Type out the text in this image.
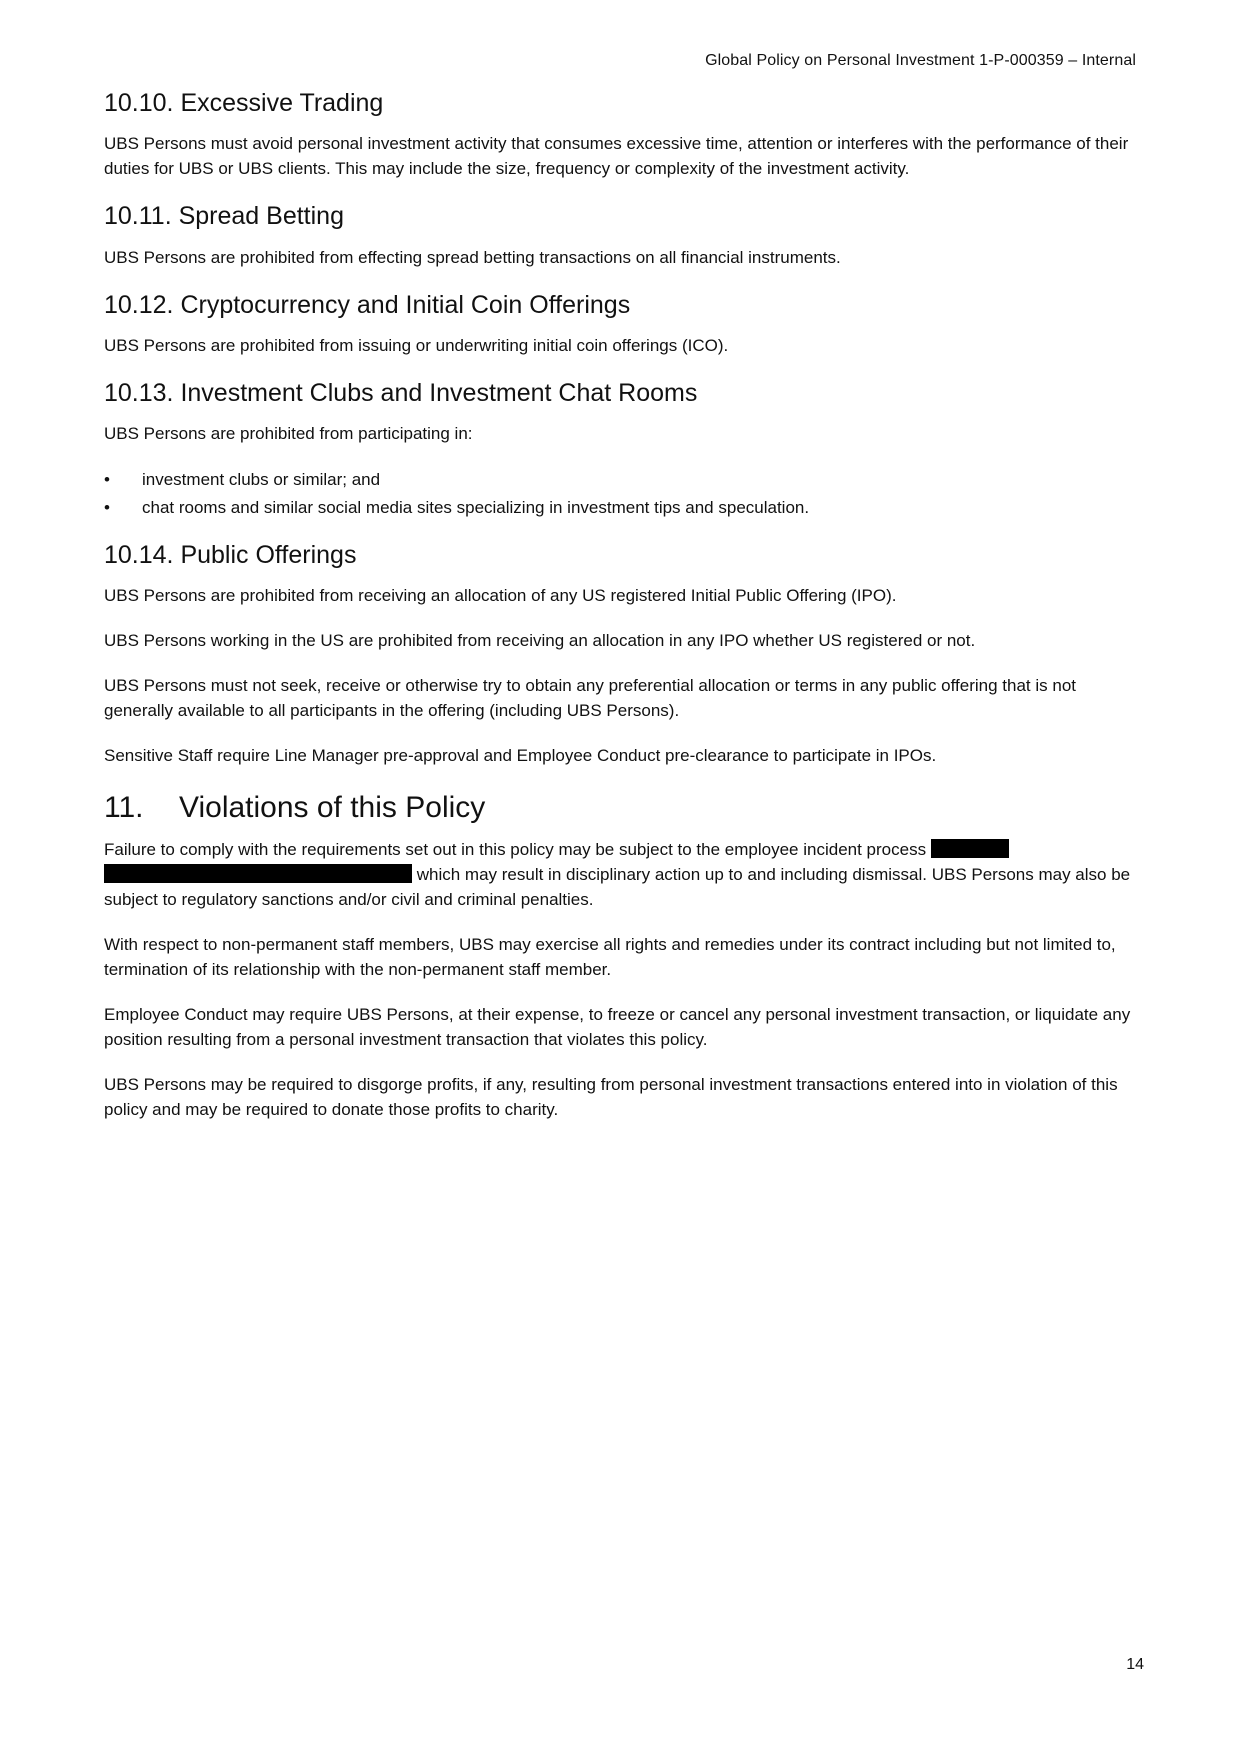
Global Policy on Personal Investment 1-P-000359 – Internal
10.10. Excessive Trading

UBS Persons must avoid personal investment activity that consumes excessive time, attention or interferes with the performance of their duties for UBS or UBS clients. This may include the size, frequency or complexity of the investment activity.

10.11. Spread Betting

UBS Persons are prohibited from effecting spread betting transactions on all financial instruments.

10.12. Cryptocurrency and Initial Coin Offerings

UBS Persons are prohibited from issuing or underwriting initial coin offerings (ICO).

10.13. Investment Clubs and Investment Chat Rooms

UBS Persons are prohibited from participating in:

• investment clubs or similar; and
• chat rooms and similar social media sites specializing in investment tips and speculation.
10.14. Public Offerings

UBS Persons are prohibited from receiving an allocation of any US registered Initial Public Offering (IPO).

UBS Persons working in the US are prohibited from receiving an allocation in any IPO whether US registered or not.

UBS Persons must not seek, receive or otherwise try to obtain any preferential allocation or terms in any public offering that is not generally available to all participants in the offering (including UBS Persons).

Sensitive Staff require Line Manager pre-approval and Employee Conduct pre-clearance to participate in IPOs.

11.	Violations of this Policy

Failure to comply with the requirements set out in this policy may be subject to the employee incident process
which may result in disciplinary action up to and including dismissal. UBS Persons may also be subject to regulatory sanctions and/or civil and criminal penalties.

With respect to non-permanent staff members, UBS may exercise all rights and remedies under its contract including but not limited to, termination of its relationship with the non-permanent staff member.

Employee Conduct may require UBS Persons, at their expense, to freeze or cancel any personal investment transaction, or liquidate any position resulting from a personal investment transaction that violates this policy.

UBS Persons may be required to disgorge profits, if any, resulting from personal investment transactions entered into in violation of this policy and may be required to donate those profits to charity.

14
